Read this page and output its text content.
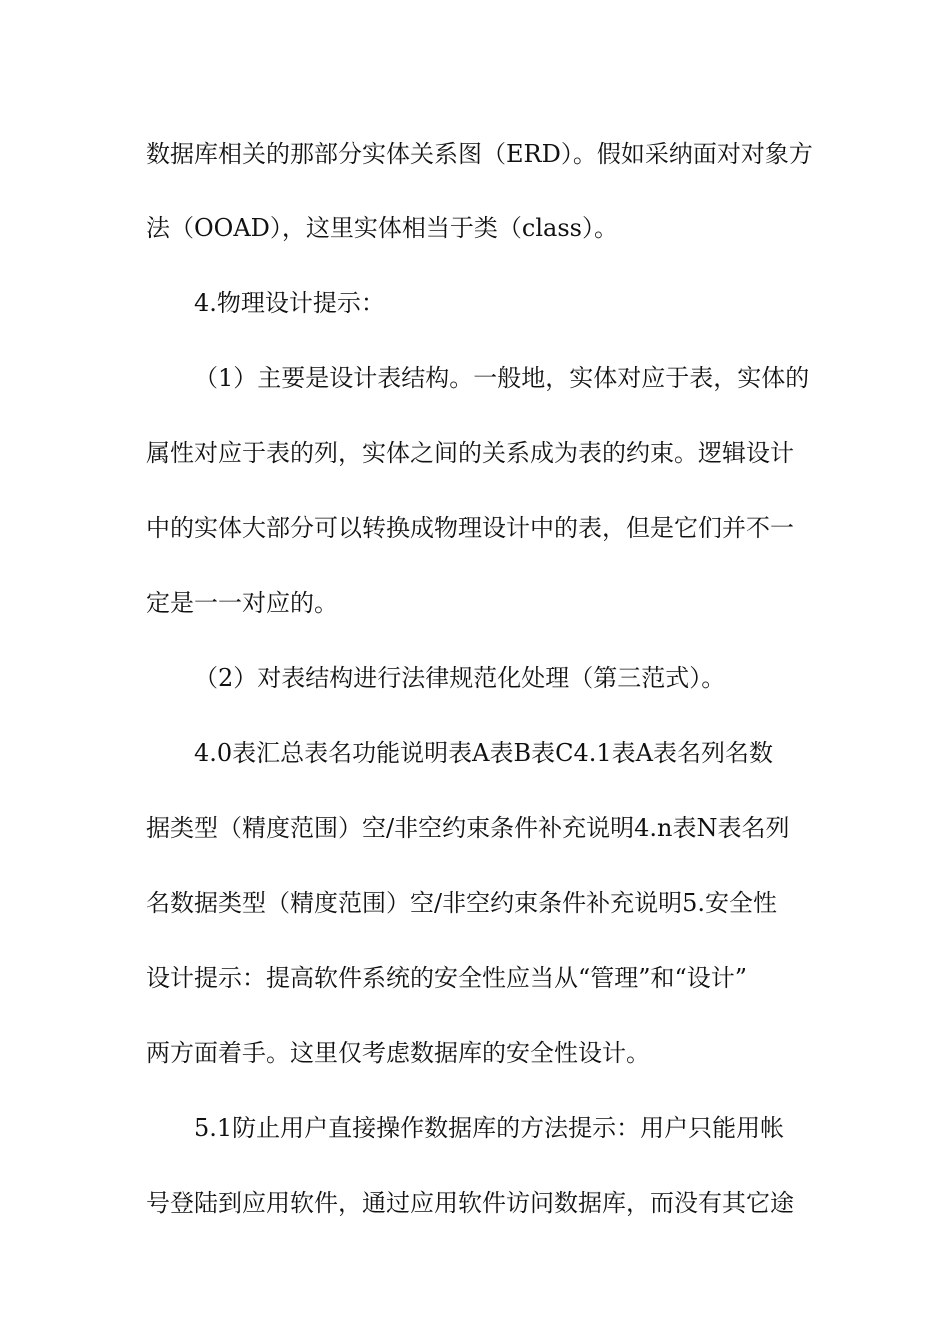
数据库相关的那部分实体关系图（ERD）。假如采纳面对对象方
法（OOAD），这里实体相当于类（class）。
4.物理设计提示：
（1）主要是设计表结构。一般地，实体对应于表，实体的
属性对应于表的列，实体之间的关系成为表的约束。逻辑设计
中的实体大部分可以转换成物理设计中的表，但是它们并不一
定是一一对应的。
（2）对表结构进行法律规范化处理（第三范式）。
4.0表汇总表名功能说明表A表B表C4.1表A表名列名数
据类型（精度范围）空/非空约束条件补充说明4.n表N表名列
名数据类型（精度范围）空/非空约束条件补充说明5.安全性
设计提示：提高软件系统的安全性应当从“管理”和“设计”
两方面着手。这里仅考虑数据库的安全性设计。
5.1防止用户直接操作数据库的方法提示：用户只能用帐
号登陆到应用软件，通过应用软件访问数据库，而没有其它途
